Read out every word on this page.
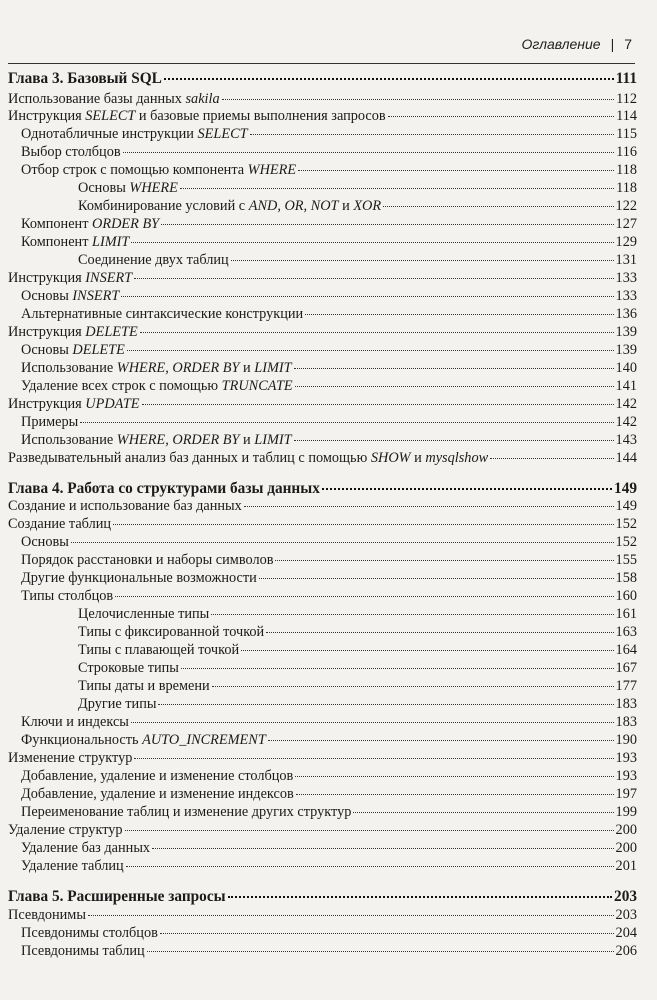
Оглавление | 7
Глава 3. Базовый SQL	111
Использование базы данных sakila	112
Инструкция SELECT и базовые приемы выполнения запросов	114
Однотабличные инструкции SELECT	115
Выбор столбцов	116
Отбор строк с помощью компонента WHERE	118
Основы WHERE	118
Комбинирование условий с AND, OR, NOT и XOR	122
Компонент ORDER BY	127
Компонент LIMIT	129
Соединение двух таблиц	131
Инструкция INSERT	133
Основы INSERT	133
Альтернативные синтаксические конструкции	136
Инструкция DELETE	139
Основы DELETE	139
Использование WHERE, ORDER BY и LIMIT	140
Удаление всех строк с помощью TRUNCATE	141
Инструкция UPDATE	142
Примеры	142
Использование WHERE, ORDER BY и LIMIT	143
Разведывательный анализ баз данных и таблиц с помощью SHOW и mysqlshow	144
Глава 4. Работа со структурами базы данных	149
Создание и использование баз данных	149
Создание таблиц	152
Основы	152
Порядок расстановки и наборы символов	155
Другие функциональные возможности	158
Типы столбцов	160
Целочисленные типы	161
Типы с фиксированной точкой	163
Типы с плавающей точкой	164
Строковые типы	167
Типы даты и времени	177
Другие типы	183
Ключи и индексы	183
Функциональность AUTO_INCREMENT	190
Изменение структур	193
Добавление, удаление и изменение столбцов	193
Добавление, удаление и изменение индексов	197
Переименование таблиц и изменение других структур	199
Удаление структур	200
Удаление баз данных	200
Удаление таблиц	201
Глава 5. Расширенные запросы	203
Псевдонимы	203
Псевдонимы столбцов	204
Псевдонимы таблиц	206
